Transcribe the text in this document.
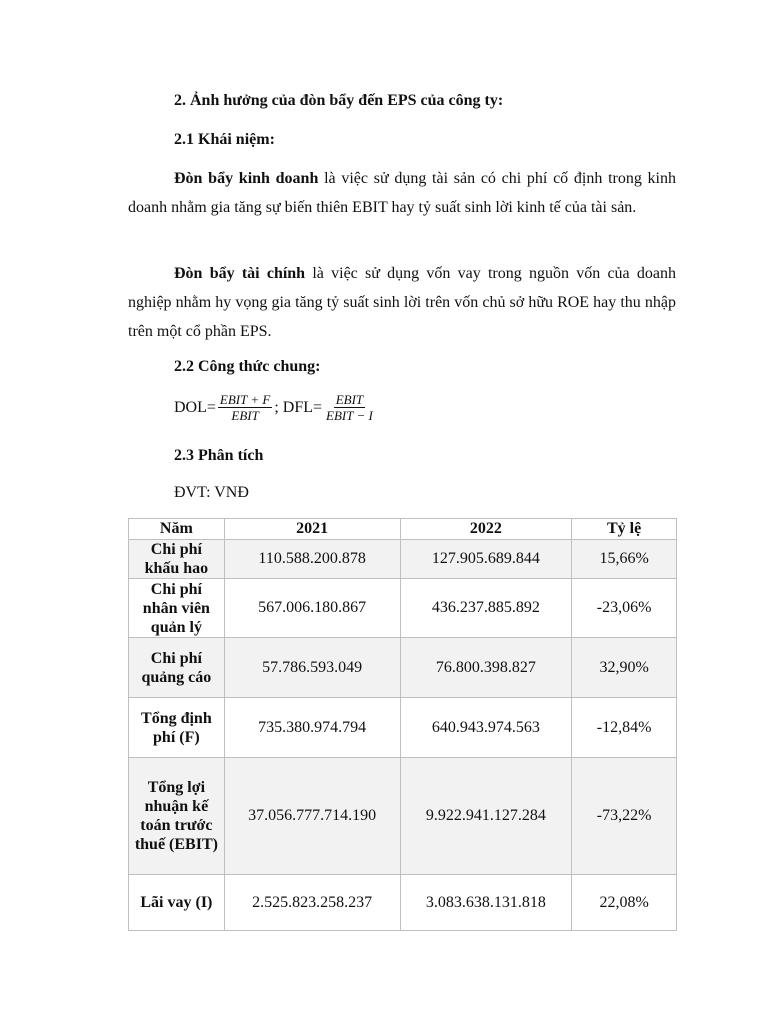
2. Ảnh hưởng của đòn bẩy đến EPS của công ty:
2.1 Khái niệm:
Đòn bẩy kinh doanh là việc sử dụng tài sản có chi phí cố định trong kinh doanh nhằm gia tăng sự biến thiên EBIT hay tỷ suất sinh lời kinh tế của tài sản.
Đòn bẩy tài chính là việc sử dụng vốn vay trong nguồn vốn của doanh nghiệp nhằm hy vọng gia tăng tỷ suất sinh lời trên vốn chủ sở hữu ROE hay thu nhập trên một cổ phần EPS.
2.2 Công thức chung:
$DOL= \frac{\text{EBIT + F}}{\text{EBIT}}$ ; $DFL= \frac{\text{EBIT}}{\text{EBIT − I}}$
2.3 Phân tích
ĐVT: VNĐ
Năm	2021	2022	Tỷ lệ
Chi phí khấu hao	110.588.200.878	127.905.689.844	15,66%
Chi phí nhân viên quản lý	567.006.180.867	436.237.885.892	-23,06%
Chi phí quảng cáo	57.786.593.049	76.800.398.827	32,90%
Tổng định phí (F)	735.380.974.794	640.943.974.563	-12,84%
Tổng lợi nhuận kế toán trước thuế (EBIT)	37.056.777.714.190	9.922.941.127.284	-73,22%
Lãi vay (I)	2.525.823.258.237	3.083.638.131.818	22,08%
